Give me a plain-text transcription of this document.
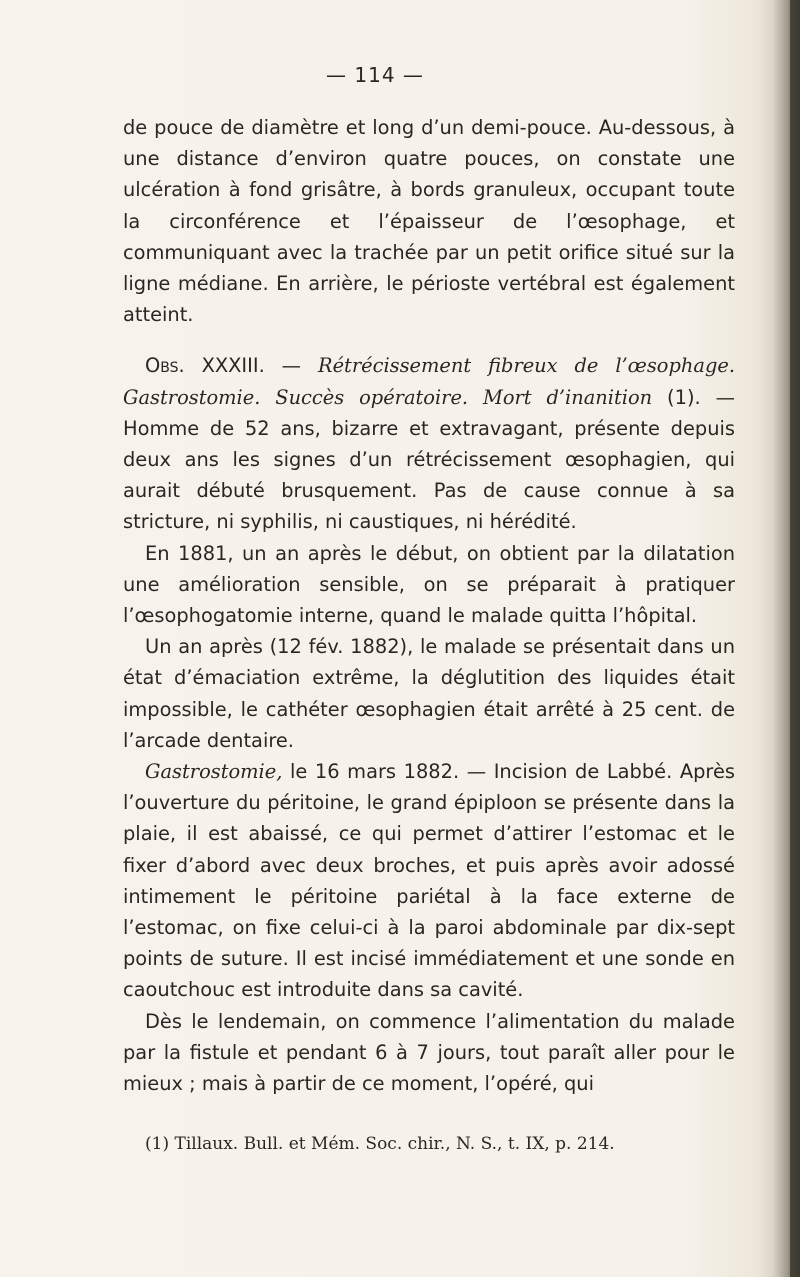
— 114 —

de pouce de diamètre et long d’un demi-pouce. Au-dessous, à une distance d’environ quatre pouces, on constate une ulcération à fond grisâtre, à bords granuleux, occupant toute la circonférence et l’épaisseur de l’œsophage, et communiquant avec la trachée par un petit orifice situé sur la ligne médiane. En arrière, le périoste vertébral est également atteint.

Obs. XXXIII. — Rétrécissement fibreux de l’œsophage. Gastrostomie. Succès opératoire. Mort d’inanition (1). — Homme de 52 ans, bizarre et extravagant, présente depuis deux ans les signes d’un rétrécissement œsophagien, qui aurait débuté brusquement. Pas de cause connue à sa stricture, ni syphilis, ni caustiques, ni hérédité.

En 1881, un an après le début, on obtient par la dilatation une amélioration sensible, on se préparait à pratiquer l’œsophogatomie interne, quand le malade quitta l’hôpital.

Un an après (12 fév. 1882), le malade se présentait dans un état d’émaciation extrême, la déglutition des liquides était impossible, le cathéter œsophagien était arrêté à 25 cent. de l’arcade dentaire.

Gastrostomie, le 16 mars 1882. — Incision de Labbé. Après l’ouverture du péritoine, le grand épiploon se présente dans la plaie, il est abaissé, ce qui permet d’attirer l’estomac et le fixer d’abord avec deux broches, et puis après avoir adossé intimement le péritoine pariétal à la face externe de l’estomac, on fixe celui-ci à la paroi abdominale par dix-sept points de suture. Il est incisé immédiatement et une sonde en caoutchouc est introduite dans sa cavité.

Dès le lendemain, on commence l’alimentation du malade par la fistule et pendant 6 à 7 jours, tout paraît aller pour le mieux ; mais à partir de ce moment, l’opéré, qui

(1) Tillaux. Bull. et Mém. Soc. chir., N. S., t. IX, p. 214.
